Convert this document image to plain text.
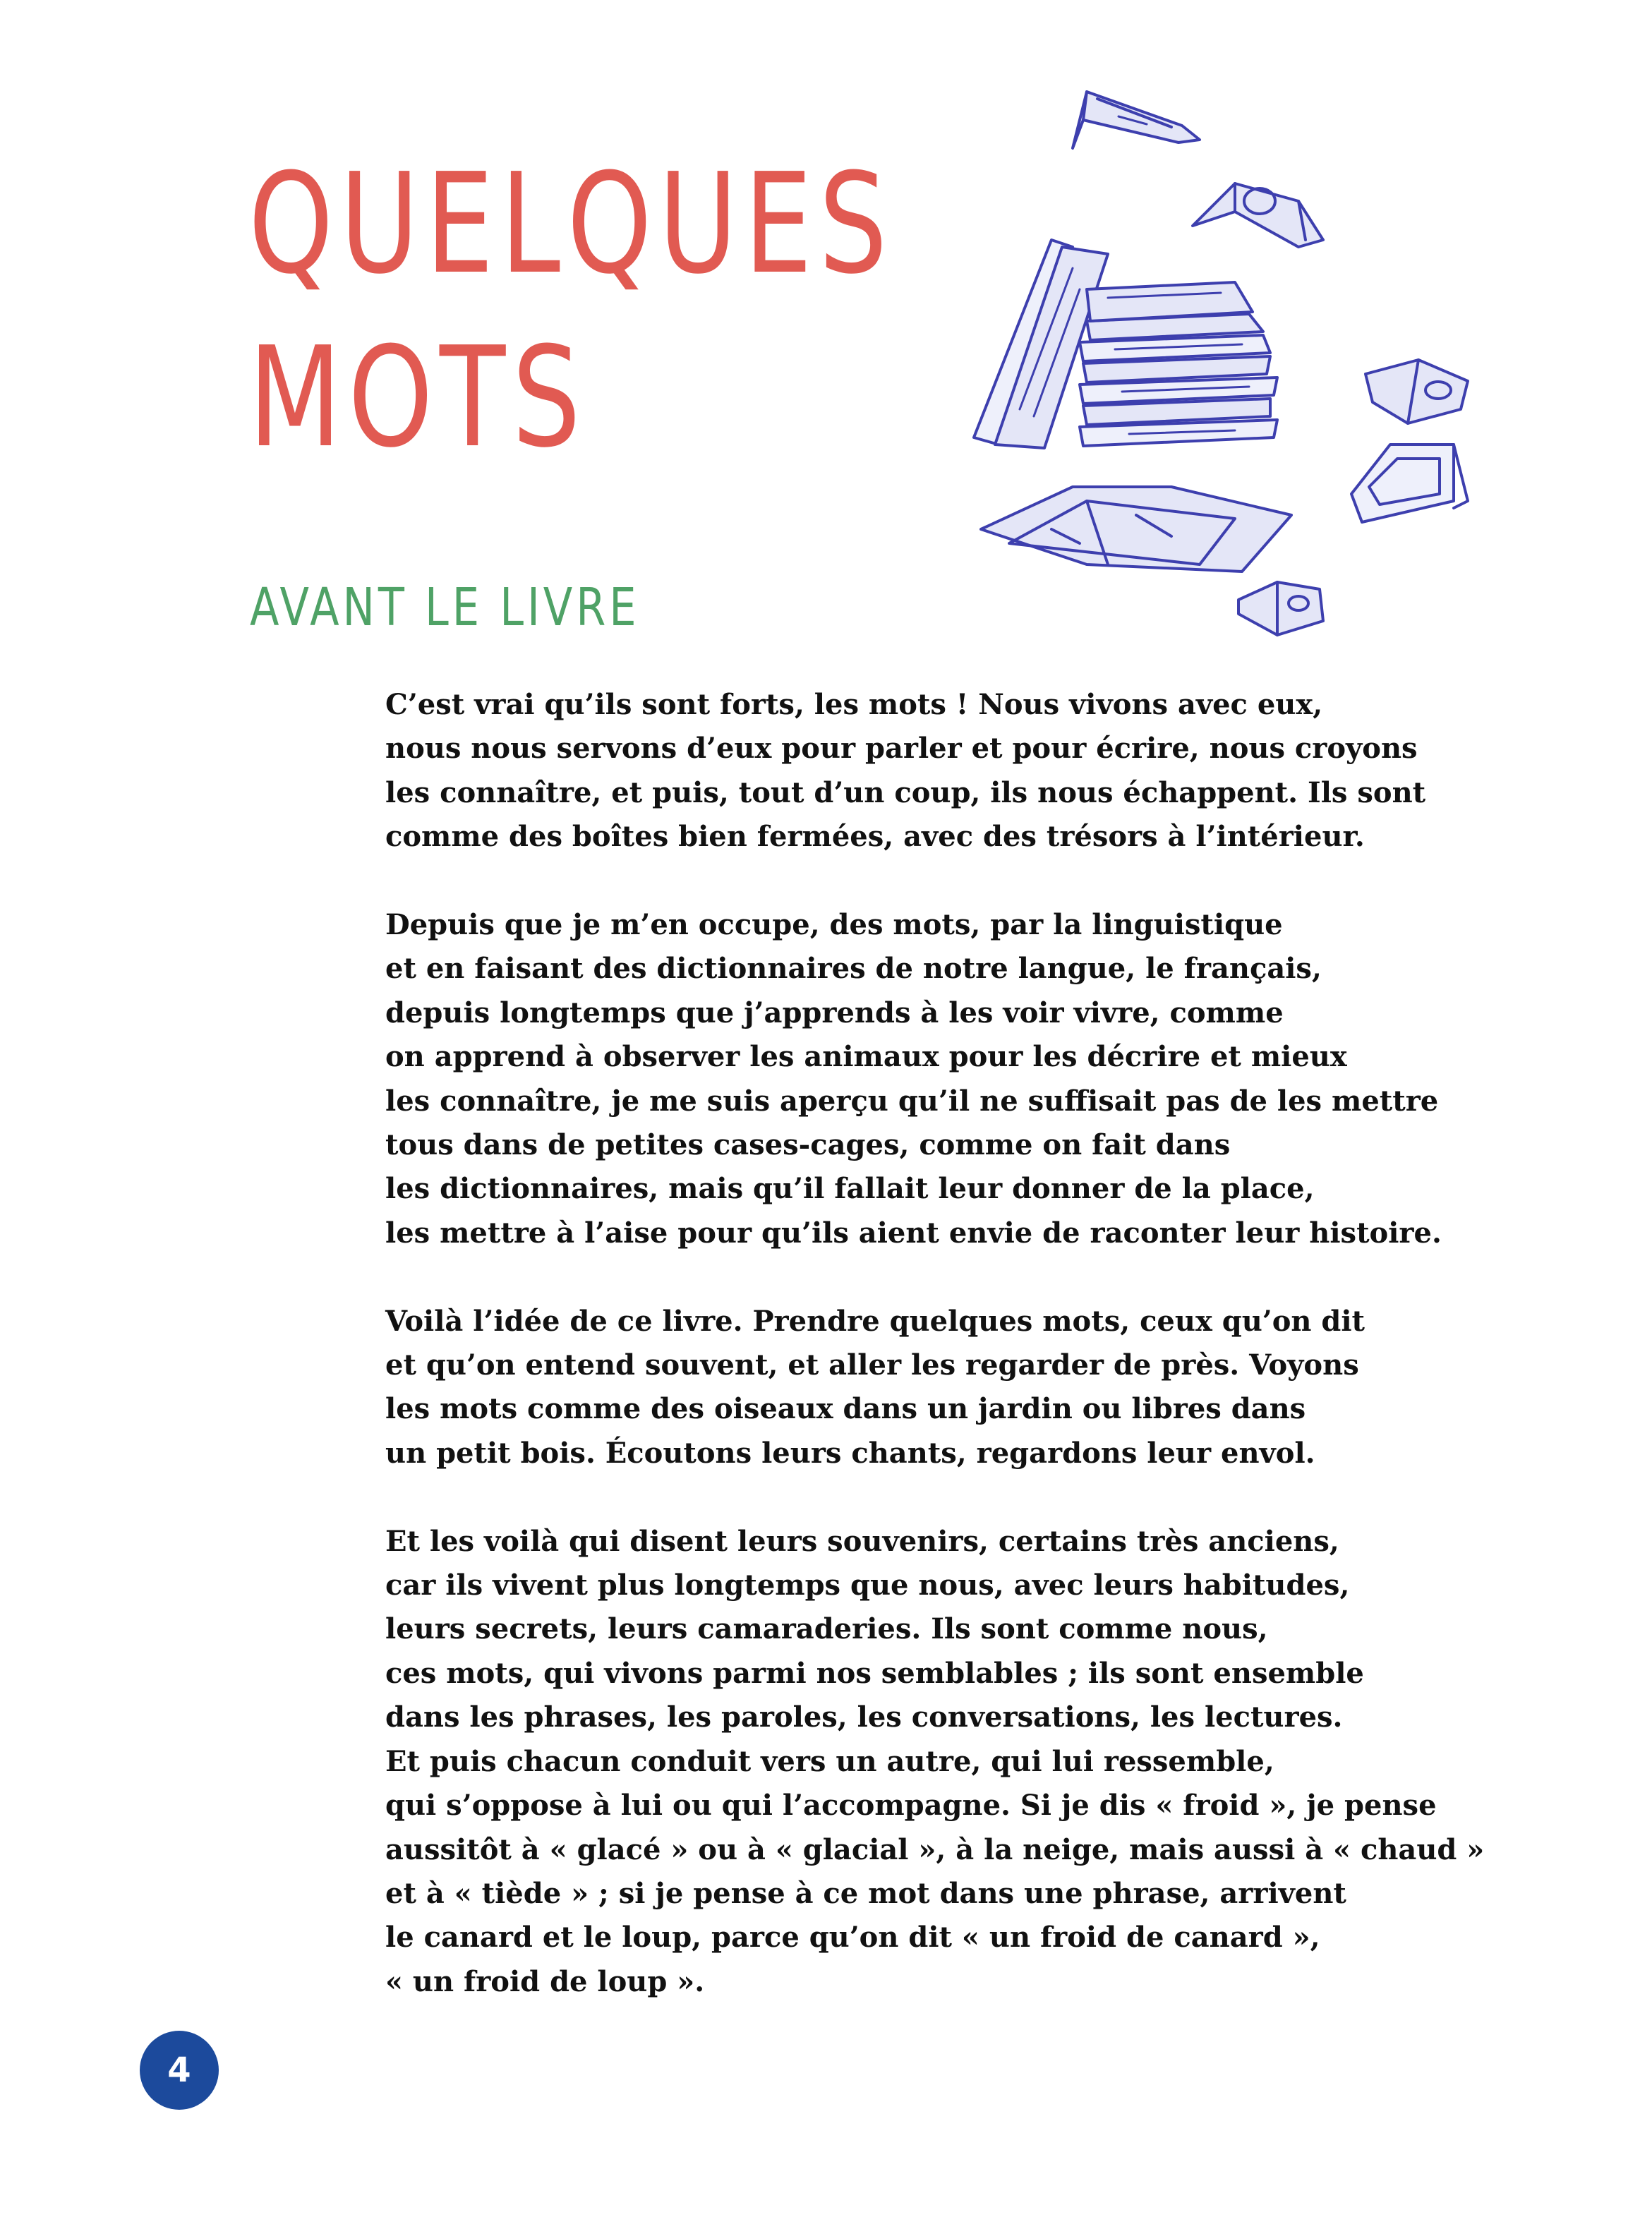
QUELQUES
MOTS
AVANT LE LIVRE

C’est vrai qu’ils sont forts, les mots ! Nous vivons avec eux,
nous nous servons d’eux pour parler et pour écrire, nous croyons
les connaître, et puis, tout d’un coup, ils nous échappent. Ils sont
comme des boîtes bien fermées, avec des trésors à l’intérieur.

Depuis que je m’en occupe, des mots, par la linguistique
et en faisant des dictionnaires de notre langue, le français,
depuis longtemps que j’apprends à les voir vivre, comme
on apprend à observer les animaux pour les décrire et mieux
les connaître, je me suis aperçu qu’il ne suffisait pas de les mettre
tous dans de petites cases-cages, comme on fait dans
les dictionnaires, mais qu’il fallait leur donner de la place,
les mettre à l’aise pour qu’ils aient envie de raconter leur histoire.

Voilà l’idée de ce livre. Prendre quelques mots, ceux qu’on dit
et qu’on entend souvent, et aller les regarder de près. Voyons
les mots comme des oiseaux dans un jardin ou libres dans
un petit bois. Écoutons leurs chants, regardons leur envol.

Et les voilà qui disent leurs souvenirs, certains très anciens,
car ils vivent plus longtemps que nous, avec leurs habitudes,
leurs secrets, leurs camaraderies. Ils sont comme nous,
ces mots, qui vivons parmi nos semblables ; ils sont ensemble
dans les phrases, les paroles, les conversations, les lectures.
Et puis chacun conduit vers un autre, qui lui ressemble,
qui s’oppose à lui ou qui l’accompagne. Si je dis « froid », je pense
aussitôt à « glacé » ou à « glacial », à la neige, mais aussi à « chaud »
et à « tiède » ; si je pense à ce mot dans une phrase, arrivent
le canard et le loup, parce qu’on dit « un froid de canard »,
« un froid de loup ».

4
